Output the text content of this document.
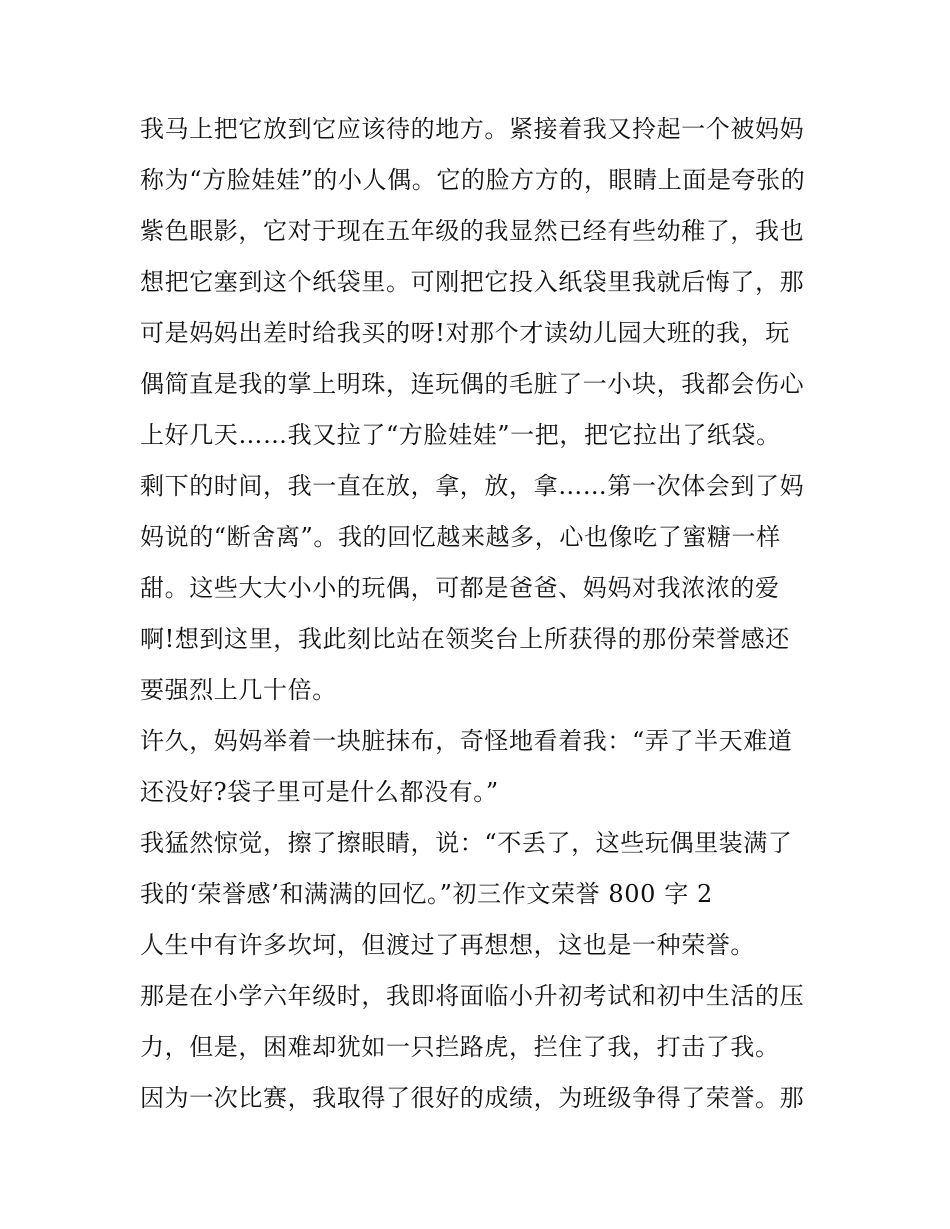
我马上把它放到它应该待的地方。紧接着我又拎起一个被妈妈
称为“方脸娃娃”的小人偶。它的脸方方的，眼睛上面是夸张的
紫色眼影，它对于现在五年级的我显然已经有些幼稚了，我也
想把它塞到这个纸袋里。可刚把它投入纸袋里我就后悔了，那
可是妈妈出差时给我买的呀!对那个才读幼儿园大班的我，玩
偶简直是我的掌上明珠，连玩偶的毛脏了一小块，我都会伤心
上好几天……我又拉了“方脸娃娃”一把，把它拉出了纸袋。
剩下的时间，我一直在放，拿，放，拿……第一次体会到了妈
妈说的“断舍离”。我的回忆越来越多，心也像吃了蜜糖一样
甜。这些大大小小的玩偶，可都是爸爸、妈妈对我浓浓的爱
啊!想到这里，我此刻比站在领奖台上所获得的那份荣誉感还
要强烈上几十倍。
许久，妈妈举着一块脏抹布，奇怪地看着我：“弄了半天难道
还没好?袋子里可是什么都没有。”
我猛然惊觉，擦了擦眼睛，说：“不丢了，这些玩偶里装满了
我的‘荣誉感’和满满的回忆。”初三作文荣誉 800 字 2
人生中有许多坎坷，但渡过了再想想，这也是一种荣誉。
那是在小学六年级时，我即将面临小升初考试和初中生活的压
力，但是，困难却犹如一只拦路虎，拦住了我，打击了我。
因为一次比赛，我取得了很好的成绩，为班级争得了荣誉。那
